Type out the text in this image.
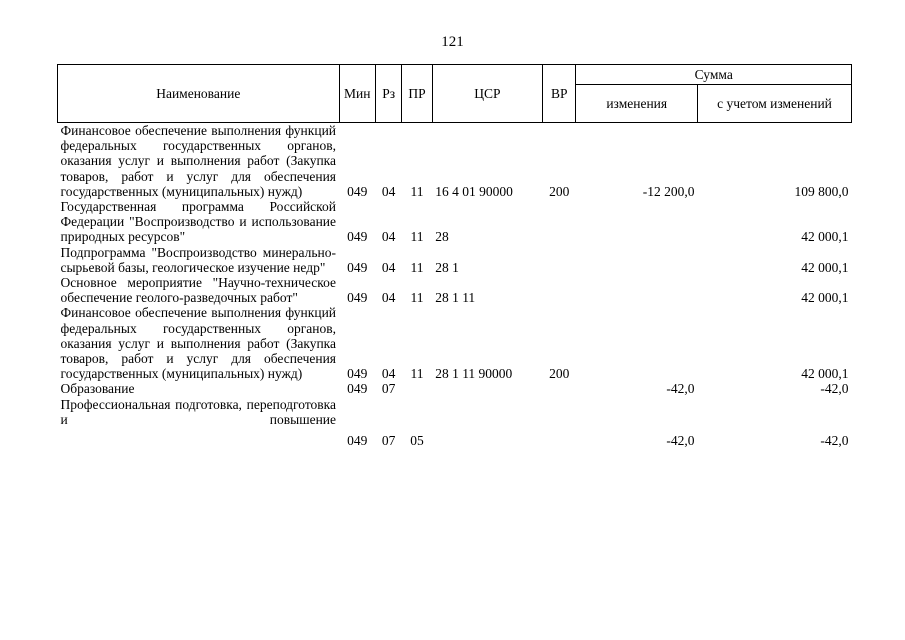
121
Наименование	Мин	Рз	ПР	ЦСР	ВР	Сумма	
						изменения	с учетом изменений
Финансовое обеспечение выполнения функций федеральных государственных органов, оказания услуг и выполнения работ (Закупка товаров, работ и услуг для обеспечения государственных (муниципальных) нужд)	049	04	11	16 4 01 90000	200	-12 200,0	109 800,0
Государственная программа Российской Федерации "Воспроизводство и использование природных ресурсов"	049	04	11	28			42 000,1
Подпрограмма "Воспроизводство минерально-сырьевой базы, геологическое изучение недр"	049	04	11	28 1			42 000,1
Основное мероприятие "Научно-техническое обеспечение геолого-разведочных работ"	049	04	11	28 1 11			42 000,1
Финансовое обеспечение выполнения функций федеральных государственных органов, оказания услуг и выполнения работ (Закупка товаров, работ и услуг для обеспечения государственных (муниципальных) нужд)	049	04	11	28 1 11 90000	200		42 000,1
Образование	049	07				-42,0	-42,0
Профессиональная подготовка, переподготовка и повышение	049	07	05			-42,0	-42,0
